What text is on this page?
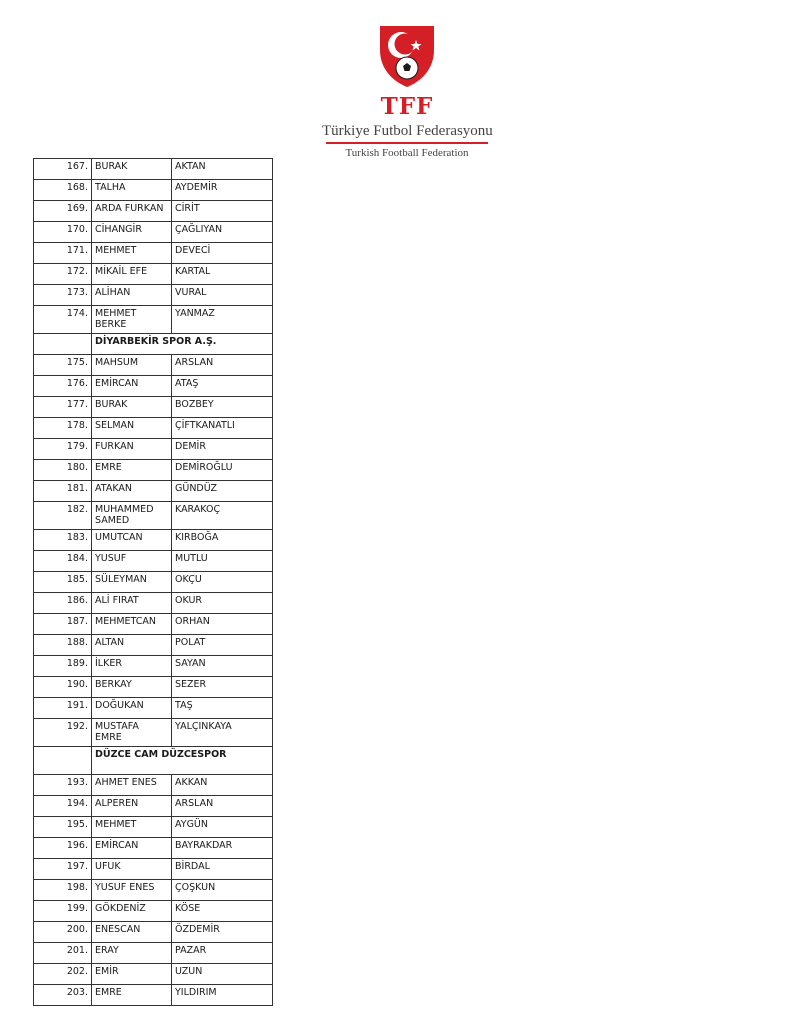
TFF
Türkiye Futbol Federasyonu
Turkish Football Federation
167.	BURAK	AKTAN
168.	TALHA	AYDEMİR
169.	ARDA FURKAN	CİRİT
170.	CİHANGİR	ÇAĞLIYAN
171.	MEHMET	DEVECİ
172.	MİKAİL EFE	KARTAL
173.	ALİHAN	VURAL
174.	MEHMET BERKE	YANMAZ
	DİYARBEKİR SPOR A.Ş.	
175.	MAHSUM	ARSLAN
176.	EMİRCAN	ATAŞ
177.	BURAK	BOZBEY
178.	SELMAN	ÇİFTKANATLI
179.	FURKAN	DEMİR
180.	EMRE	DEMİROĞLU
181.	ATAKAN	GÜNDÜZ
182.	MUHAMMED SAMED	KARAKOÇ
183.	UMUTCAN	KIRBOĞA
184.	YUSUF	MUTLU
185.	SÜLEYMAN	OKÇU
186.	ALİ FIRAT	OKUR
187.	MEHMETCAN	ORHAN
188.	ALTAN	POLAT
189.	İLKER	SAYAN
190.	BERKAY	SEZER
191.	DOĞUKAN	TAŞ
192.	MUSTAFA EMRE	YALÇINKAYA
	DÜZCE CAM DÜZCESPOR	
193.	AHMET ENES	AKKAN
194.	ALPEREN	ARSLAN
195.	MEHMET	AYGÜN
196.	EMİRCAN	BAYRAKDAR
197.	UFUK	BİRDAL
198.	YUSUF ENES	ÇOŞKUN
199.	GÖKDENİZ	KÖSE
200.	ENESCAN	ÖZDEMİR
201.	ERAY	PAZAR
202.	EMİR	UZUN
203.	EMRE	YILDIRIM
